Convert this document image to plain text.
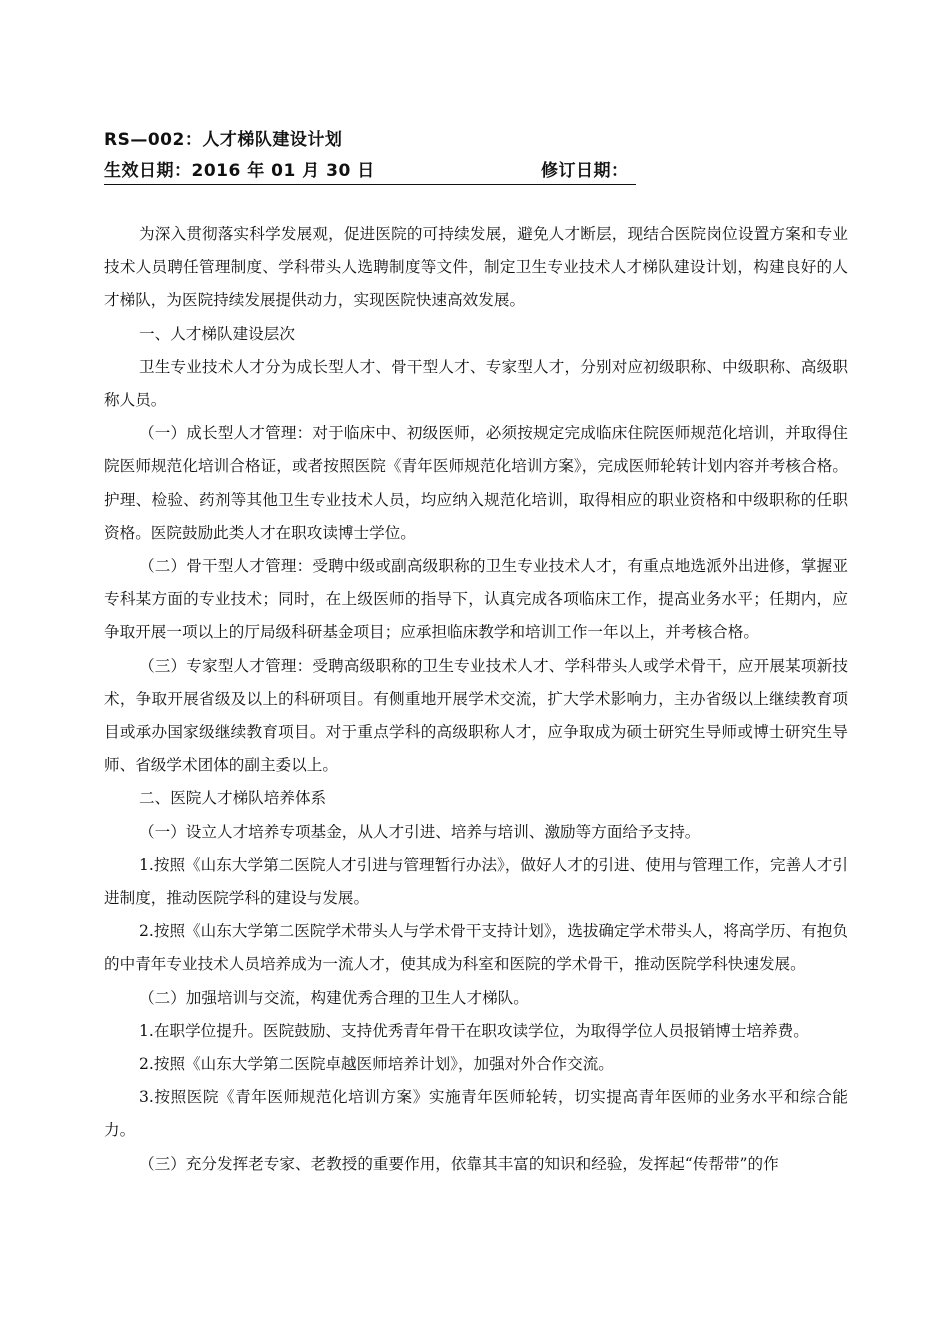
RS—002：人才梯队建设计划
生效日期：2016 年 01 月 30 日	修订日期：

为深入贯彻落实科学发展观，促进医院的可持续发展，避免人才断层，现结合医院岗位设置方案和专业技术人员聘任管理制度、学科带头人选聘制度等文件，制定卫生专业技术人才梯队建设计划，构建良好的人才梯队，为医院持续发展提供动力，实现医院快速高效发展。

一、人才梯队建设层次

卫生专业技术人才分为成长型人才、骨干型人才、专家型人才，分别对应初级职称、中级职称、高级职称人员。

（一）成长型人才管理：对于临床中、初级医师，必须按规定完成临床住院医师规范化培训，并取得住院医师规范化培训合格证，或者按照医院《青年医师规范化培训方案》，完成医师轮转计划内容并考核合格。护理、检验、药剂等其他卫生专业技术人员，均应纳入规范化培训，取得相应的职业资格和中级职称的任职资格。医院鼓励此类人才在职攻读博士学位。

（二）骨干型人才管理：受聘中级或副高级职称的卫生专业技术人才，有重点地选派外出进修，掌握亚专科某方面的专业技术；同时，在上级医师的指导下，认真完成各项临床工作，提高业务水平；任期内，应争取开展一项以上的厅局级科研基金项目；应承担临床教学和培训工作一年以上，并考核合格。

（三）专家型人才管理：受聘高级职称的卫生专业技术人才、学科带头人或学术骨干，应开展某项新技术，争取开展省级及以上的科研项目。有侧重地开展学术交流，扩大学术影响力，主办省级以上继续教育项目或承办国家级继续教育项目。对于重点学科的高级职称人才，应争取成为硕士研究生导师或博士研究生导师、省级学术团体的副主委以上。

二、医院人才梯队培养体系

（一）设立人才培养专项基金，从人才引进、培养与培训、激励等方面给予支持。

1.按照《山东大学第二医院人才引进与管理暂行办法》，做好人才的引进、使用与管理工作，完善人才引进制度，推动医院学科的建设与发展。

2.按照《山东大学第二医院学术带头人与学术骨干支持计划》，选拔确定学术带头人，将高学历、有抱负的中青年专业技术人员培养成为一流人才，使其成为科室和医院的学术骨干，推动医院学科快速发展。

（二）加强培训与交流，构建优秀合理的卫生人才梯队。

1.在职学位提升。医院鼓励、支持优秀青年骨干在职攻读学位，为取得学位人员报销博士培养费。

2.按照《山东大学第二医院卓越医师培养计划》，加强对外合作交流。

3.按照医院《青年医师规范化培训方案》实施青年医师轮转，切实提高青年医师的业务水平和综合能力。

（三）充分发挥老专家、老教授的重要作用，依靠其丰富的知识和经验，发挥起“传帮带”的作
